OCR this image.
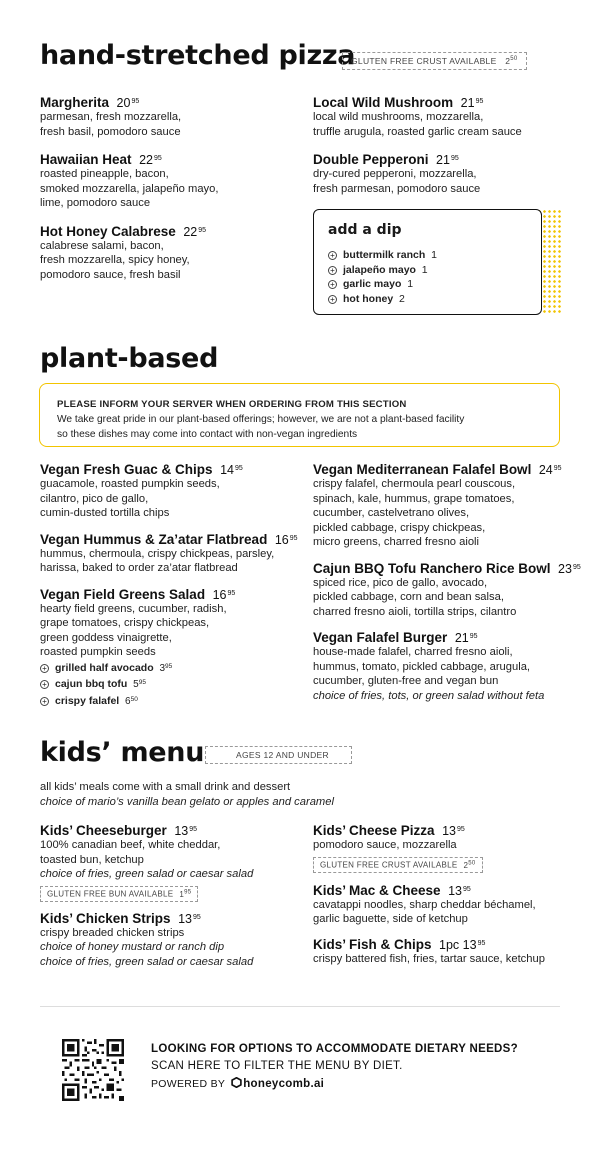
hand-stretched pizza
GLUTEN FREE CRUST AVAILABLE $2^{50}$
Margherita $20^{95}$
parmesan, fresh mozzarella,
fresh basil, pomodoro sauce
Hawaiian Heat $22^{95}$
roasted pineapple, bacon,
smoked mozzarella, jalapeño mayo,
lime, pomodoro sauce
Hot Honey Calabrese $22^{95}$
calabrese salami, bacon,
fresh mozzarella, spicy honey,
pomodoro sauce, fresh basil
Local Wild Mushroom $21^{95}$
local wild mushrooms, mozzarella,
truffle arugula, roasted garlic cream sauce
Double Pepperoni $21^{95}$
dry-cured pepperoni, mozzarella,
fresh parmesan, pomodoro sauce
add a dip
+ buttermilk ranch 1
+ jalapeño mayo 1
+ garlic mayo 1
+ hot honey 2
plant-based
PLEASE INFORM YOUR SERVER WHEN ORDERING FROM THIS SECTION
We take great pride in our plant-based offerings; however, we are not a plant-based facility
so these dishes may come into contact with non-vegan ingredients
Vegan Fresh Guac & Chips $14^{95}$
guacamole, roasted pumpkin seeds,
cilantro, pico de gallo,
cumin-dusted tortilla chips
Vegan Hummus & Za’atar Flatbread $16^{95}$
hummus, chermoula, crispy chickpeas, parsley,
harissa, baked to order za’atar flatbread
Vegan Field Greens Salad $16^{95}$
hearty field greens, cucumber, radish,
grape tomatoes, crispy chickpeas,
green goddess vinaigrette,
roasted pumpkin seeds
+ grilled half avocado $3^{95}$
+ cajun bbq tofu $5^{95}$
+ crispy falafel $6^{50}$
Vegan Mediterranean Falafel Bowl $24^{95}$
crispy falafel, chermoula pearl couscous,
spinach, kale, hummus, grape tomatoes,
cucumber, castelvetrano olives,
pickled cabbage, crispy chickpeas,
micro greens, charred fresno aioli
Cajun BBQ Tofu Ranchero Rice Bowl $23^{95}$
spiced rice, pico de gallo, avocado,
pickled cabbage, corn and bean salsa,
charred fresno aioli, tortilla strips, cilantro
Vegan Falafel Burger $21^{95}$
house-made falafel, charred fresno aioli,
hummus, tomato, pickled cabbage, arugula,
cucumber, gluten-free and vegan bun
choice of fries, tots, or green salad without feta
kids’ menu	AGES 12 AND UNDER
all kids’ meals come with a small drink and dessert
choice of mario’s vanilla bean gelato or apples and caramel
Kids’ Cheeseburger $13^{95}$
100% canadian beef, white cheddar,
toasted bun, ketchup
choice of fries, green salad or caesar salad
GLUTEN FREE BUN AVAILABLE $1^{95}$
Kids’ Chicken Strips $13^{95}$
crispy breaded chicken strips
choice of honey mustard or ranch dip
choice of fries, green salad or caesar salad
Kids’ Cheese Pizza $13^{95}$
pomodoro sauce, mozzarella
GLUTEN FREE CRUST AVAILABLE $2^{50}$
Kids’ Mac & Cheese $13^{95}$
cavatappi noodles, sharp cheddar béchamel,
garlic baguette, side of ketchup
Kids’ Fish & Chips 1pc $13^{95}$
crispy battered fish, fries, tartar sauce, ketchup
LOOKING FOR OPTIONS TO ACCOMMODATE DIETARY NEEDS?
SCAN HERE TO FILTER THE MENU BY DIET.
POWERED BY honeycomb.ai
